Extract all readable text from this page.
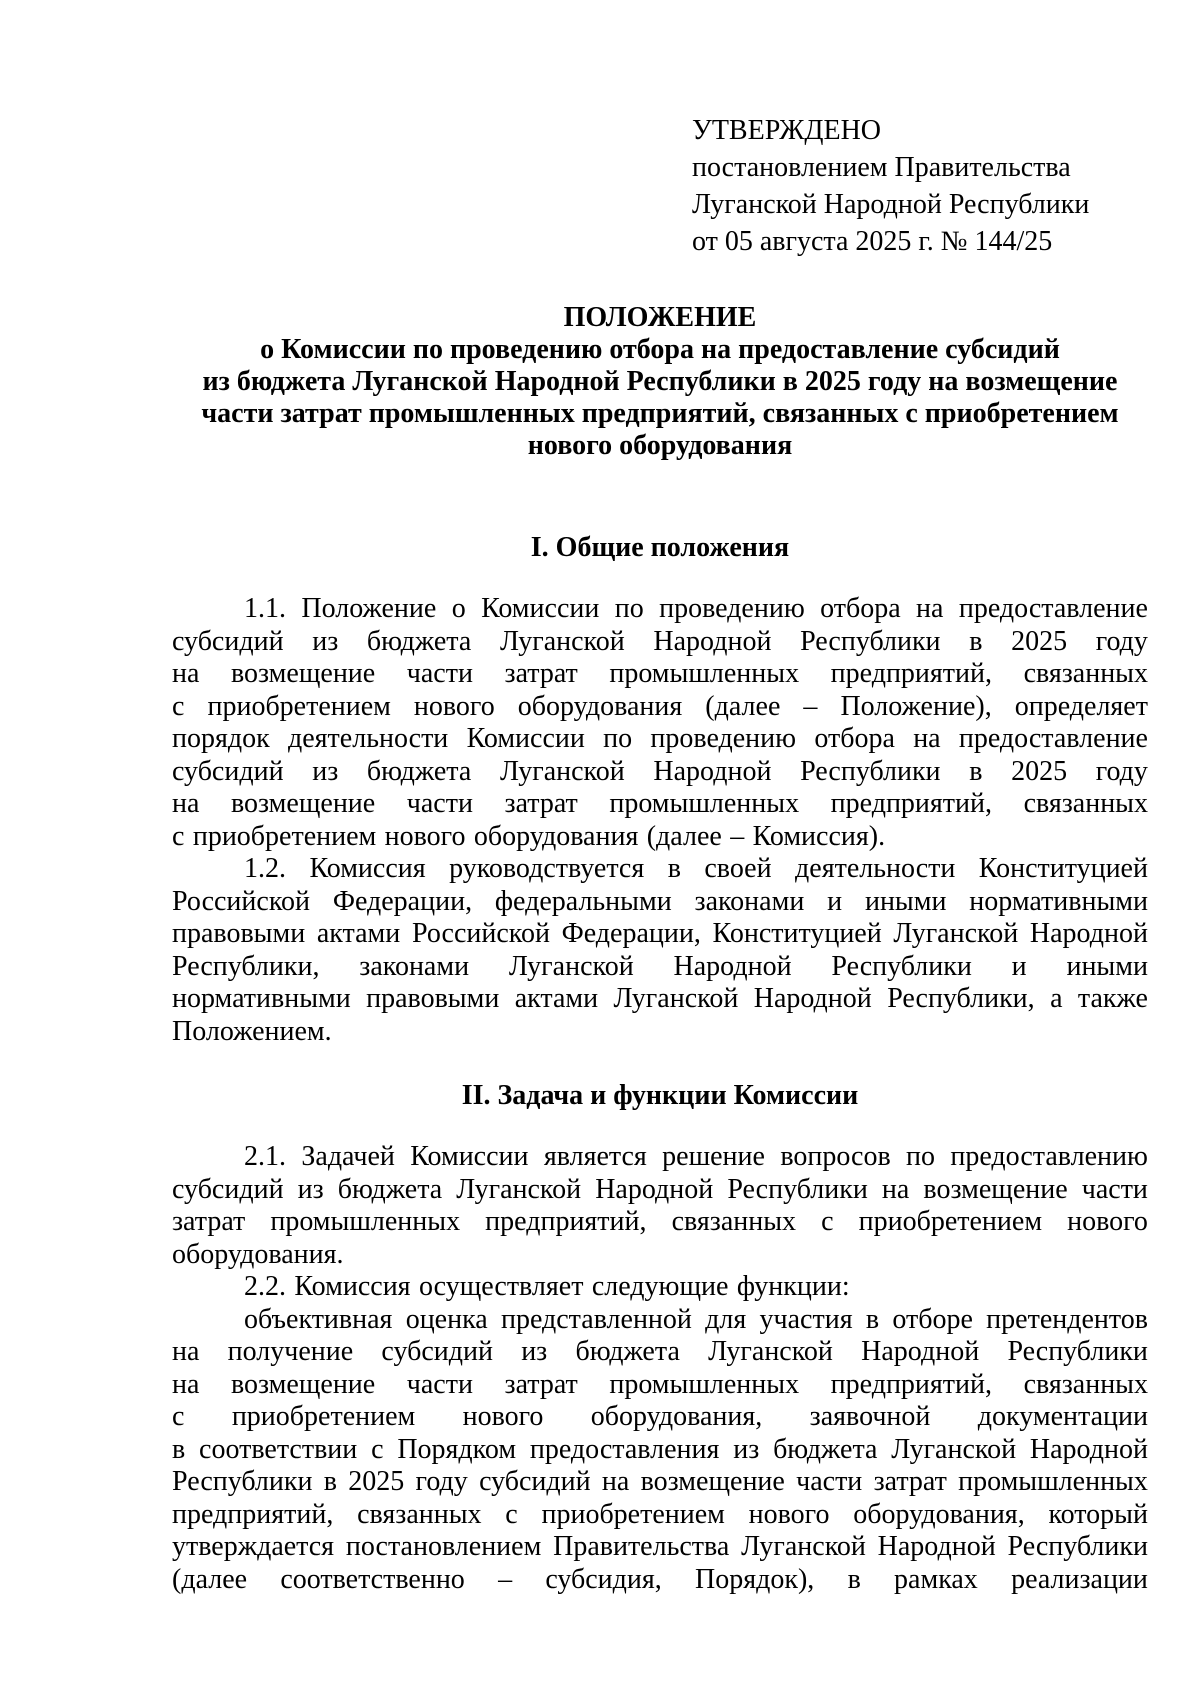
УТВЕРЖДЕНО
постановлением Правительства
Луганской Народной Республики
от 05 августа 2025 г. № 144/25
ПОЛОЖЕНИЕ
о Комиссии по проведению отбора на предоставление субсидий
из бюджета Луганской Народной Республики в 2025 году на возмещение
части затрат промышленных предприятий, связанных с приобретением
нового оборудования
I. Общие положения
1.1. Положение о Комиссии по проведению отбора на предоставление
субсидий из бюджета Луганской Народной Республики в 2025 году
на возмещение части затрат промышленных предприятий, связанных
с приобретением нового оборудования (далее – Положение), определяет
порядок деятельности Комиссии по проведению отбора на предоставление
субсидий из бюджета Луганской Народной Республики в 2025 году
на возмещение части затрат промышленных предприятий, связанных
с приобретением нового оборудования (далее – Комиссия).
1.2. Комиссия руководствуется в своей деятельности Конституцией
Российской Федерации, федеральными законами и иными нормативными
правовыми актами Российской Федерации, Конституцией Луганской Народной
Республики, законами Луганской Народной Республики и иными
нормативными правовыми актами Луганской Народной Республики, а также
Положением.
II. Задача и функции Комиссии
2.1. Задачей Комиссии является решение вопросов по предоставлению
субсидий из бюджета Луганской Народной Республики на возмещение части
затрат промышленных предприятий, связанных с приобретением нового
оборудования.
2.2. Комиссия осуществляет следующие функции:
объективная оценка представленной для участия в отборе претендентов
на получение субсидий из бюджета Луганской Народной Республики
на возмещение части затрат промышленных предприятий, связанных
с приобретением нового оборудования, заявочной документации
в соответствии с Порядком предоставления из бюджета Луганской Народной
Республики в 2025 году субсидий на возмещение части затрат промышленных
предприятий, связанных с приобретением нового оборудования, который
утверждается постановлением Правительства Луганской Народной Республики
(далее соответственно – субсидия, Порядок), в рамках реализации
